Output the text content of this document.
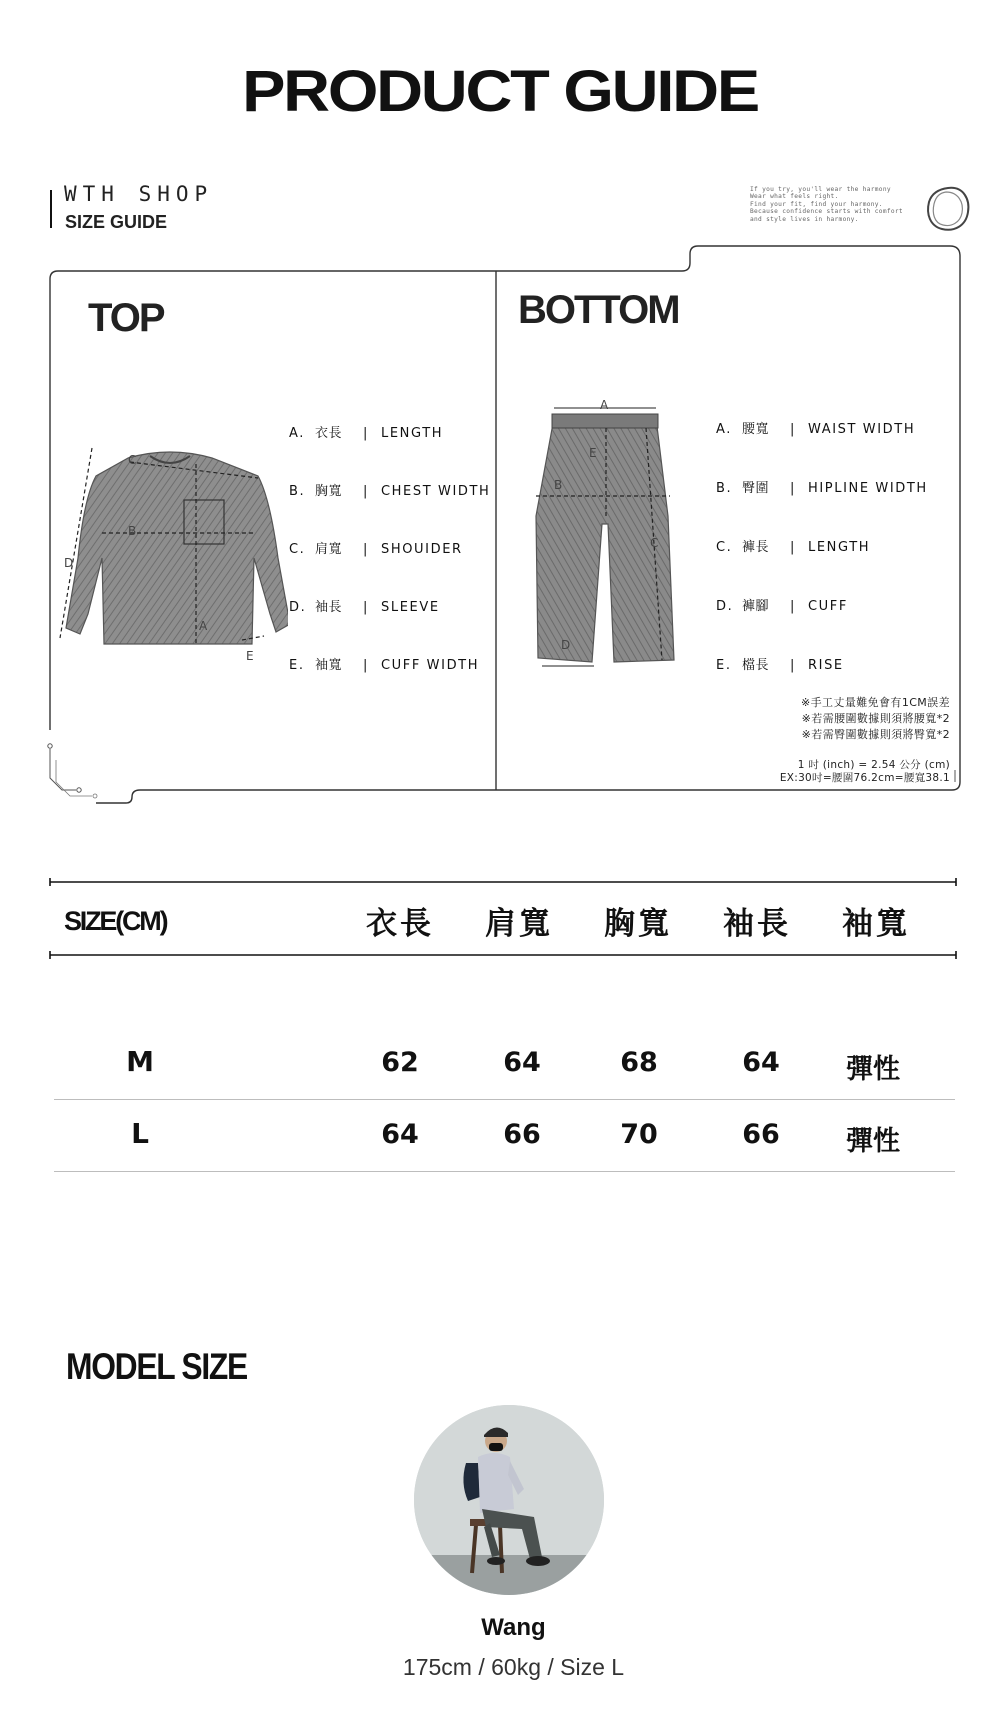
PRODUCT GUIDE
WTH SHOP
SIZE GUIDE
If you try, you'll wear the harmony
Wear what feels right.
Find your fit, find your harmony.
Because confidence starts with comfort
and style lives in harmony.
TOP
C
B
D
A
E
A. 衣長 | LENGTH
B. 胸寬 | CHEST WIDTH
C. 肩寬 | SHOUIDER
D. 袖長 | SLEEVE
E. 袖寬 | CUFF WIDTH
BOTTOM
A
B
C
D
E
A. 腰寬 | WAIST WIDTH
B. 臀圍 | HIPLINE WIDTH
C. 褲長 | LENGTH
D. 褲腳 | CUFF
E. 檔長 | RISE
※手工丈量難免會有1CM誤差
※若需腰圍數據則須將腰寬*2
※若需臀圍數據則須將臀寬*2
1 吋 (inch) = 2.54 公分 (cm)
EX:30吋=腰圍76.2cm=腰寬38.1
SIZE(CM)	衣長	肩寬	胸寬	袖長	袖寬
M	62	64	68	64	彈性
L	64	66	70	66	彈性
MODEL SIZE
Wang
175cm / 60kg / Size L
